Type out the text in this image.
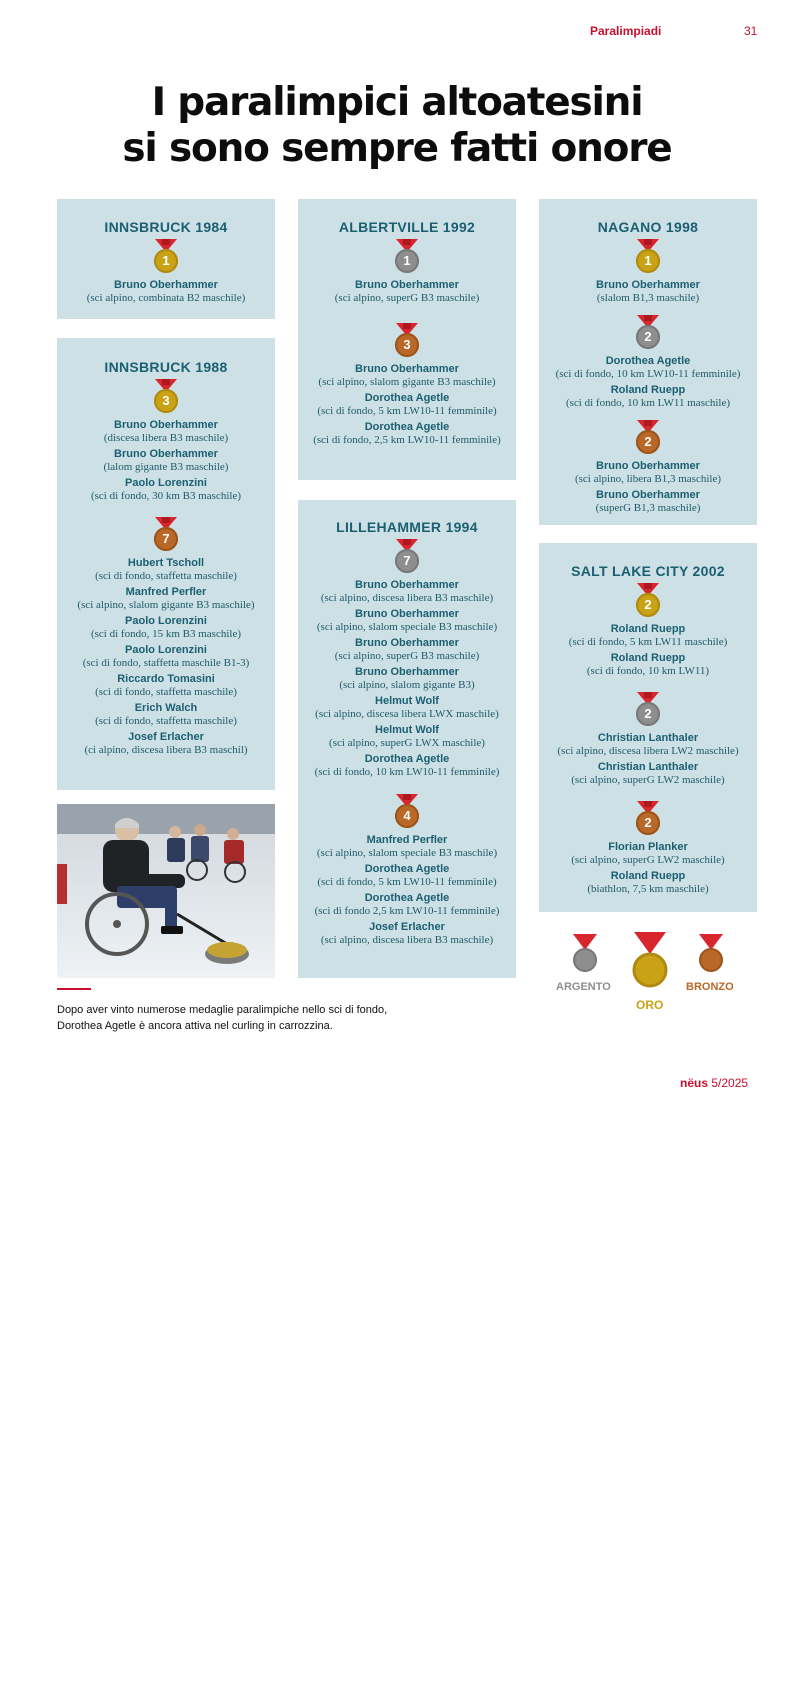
Paralimpiadi	31
I paralimpici altoatesini
si sono sempre fatti onore
INNSBRUCK 1984
1
Bruno Oberhammer
(sci alpino, combinata B2 maschile)
INNSBRUCK 1988
3
Bruno Oberhammer
(discesa libera B3 maschile)
Bruno Oberhammer
(lalom gigante B3 maschile)
Paolo Lorenzini
(sci di fondo, 30 km B3 maschile)
7
Hubert Tscholl
(sci di fondo, staffetta maschile)
Manfred Perfler
(sci alpino, slalom gigante B3 maschile)
Paolo Lorenzini
(sci di fondo, 15 km B3 maschile)
Paolo Lorenzini
(sci di fondo, staffetta maschile B1-3)
Riccardo Tomasini
(sci di fondo, staffetta maschile)
Erich Walch
(sci di fondo, staffetta maschile)
Josef Erlacher
(ci alpino, discesa libera B3 maschil)
Foto: Maurizio Gigli
ALBERTVILLE 1992
1
Bruno Oberhammer
(sci alpino, superG B3 maschile)
3
Bruno Oberhammer
(sci alpino, slalom gigante B3 maschile)
Dorothea Agetle
(sci di fondo, 5 km LW10-11 femminile)
Dorothea Agetle
(sci di fondo, 2,5 km LW10-11 femminile)
LILLEHAMMER 1994
7
Bruno Oberhammer
(sci alpino, discesa libera B3 maschile)
Bruno Oberhammer
(sci alpino, slalom speciale B3 maschile)
Bruno Oberhammer
(sci alpino, superG B3 maschile)
Bruno Oberhammer
(sci alpino, slalom gigante B3)
Helmut Wolf
(sci alpino, discesa libera LWX maschile)
Helmut Wolf
(sci alpino, superG LWX maschile)
Dorothea Agetle
(sci di fondo, 10 km LW10-11 femminile)
4
Manfred Perfler
(sci alpino, slalom speciale B3 maschile)
Dorothea Agetle
(sci di fondo, 5 km LW10-11 femminile)
Dorothea Agetle
(sci di fondo 2,5 km LW10-11 femminile)
Josef Erlacher
(sci alpino, discesa libera B3 maschile)
NAGANO 1998
1
Bruno Oberhammer
(slalom B1,3 maschile)
2
Dorothea Agetle
(sci di fondo, 10 km LW10-11 femminile)
Roland Ruepp
(sci di fondo, 10 km LW11 maschile)
2
Bruno Oberhammer
(sci alpino, libera B1,3 maschile)
Bruno Oberhammer
(superG B1,3 maschile)
SALT LAKE CITY 2002
2
Roland Ruepp
(sci di fondo, 5 km LW11 maschile)
Roland Ruepp
(sci di fondo, 10 km LW11)
2
Christian Lanthaler
(sci alpino, discesa libera LW2 maschile)
Christian Lanthaler
(sci alpino, superG LW2 maschile)
2
Florian Planker
(sci alpino, superG LW2 maschile)
Roland Ruepp
(biathlon, 7,5 km maschile)

Dopo aver vinto numerose medaglie paralimpiche nello sci di fondo,
Dorothea Agetle è ancora attiva nel curling in carrozzina.

ARGENTO
ORO
BRONZO
nëus 5/2025
